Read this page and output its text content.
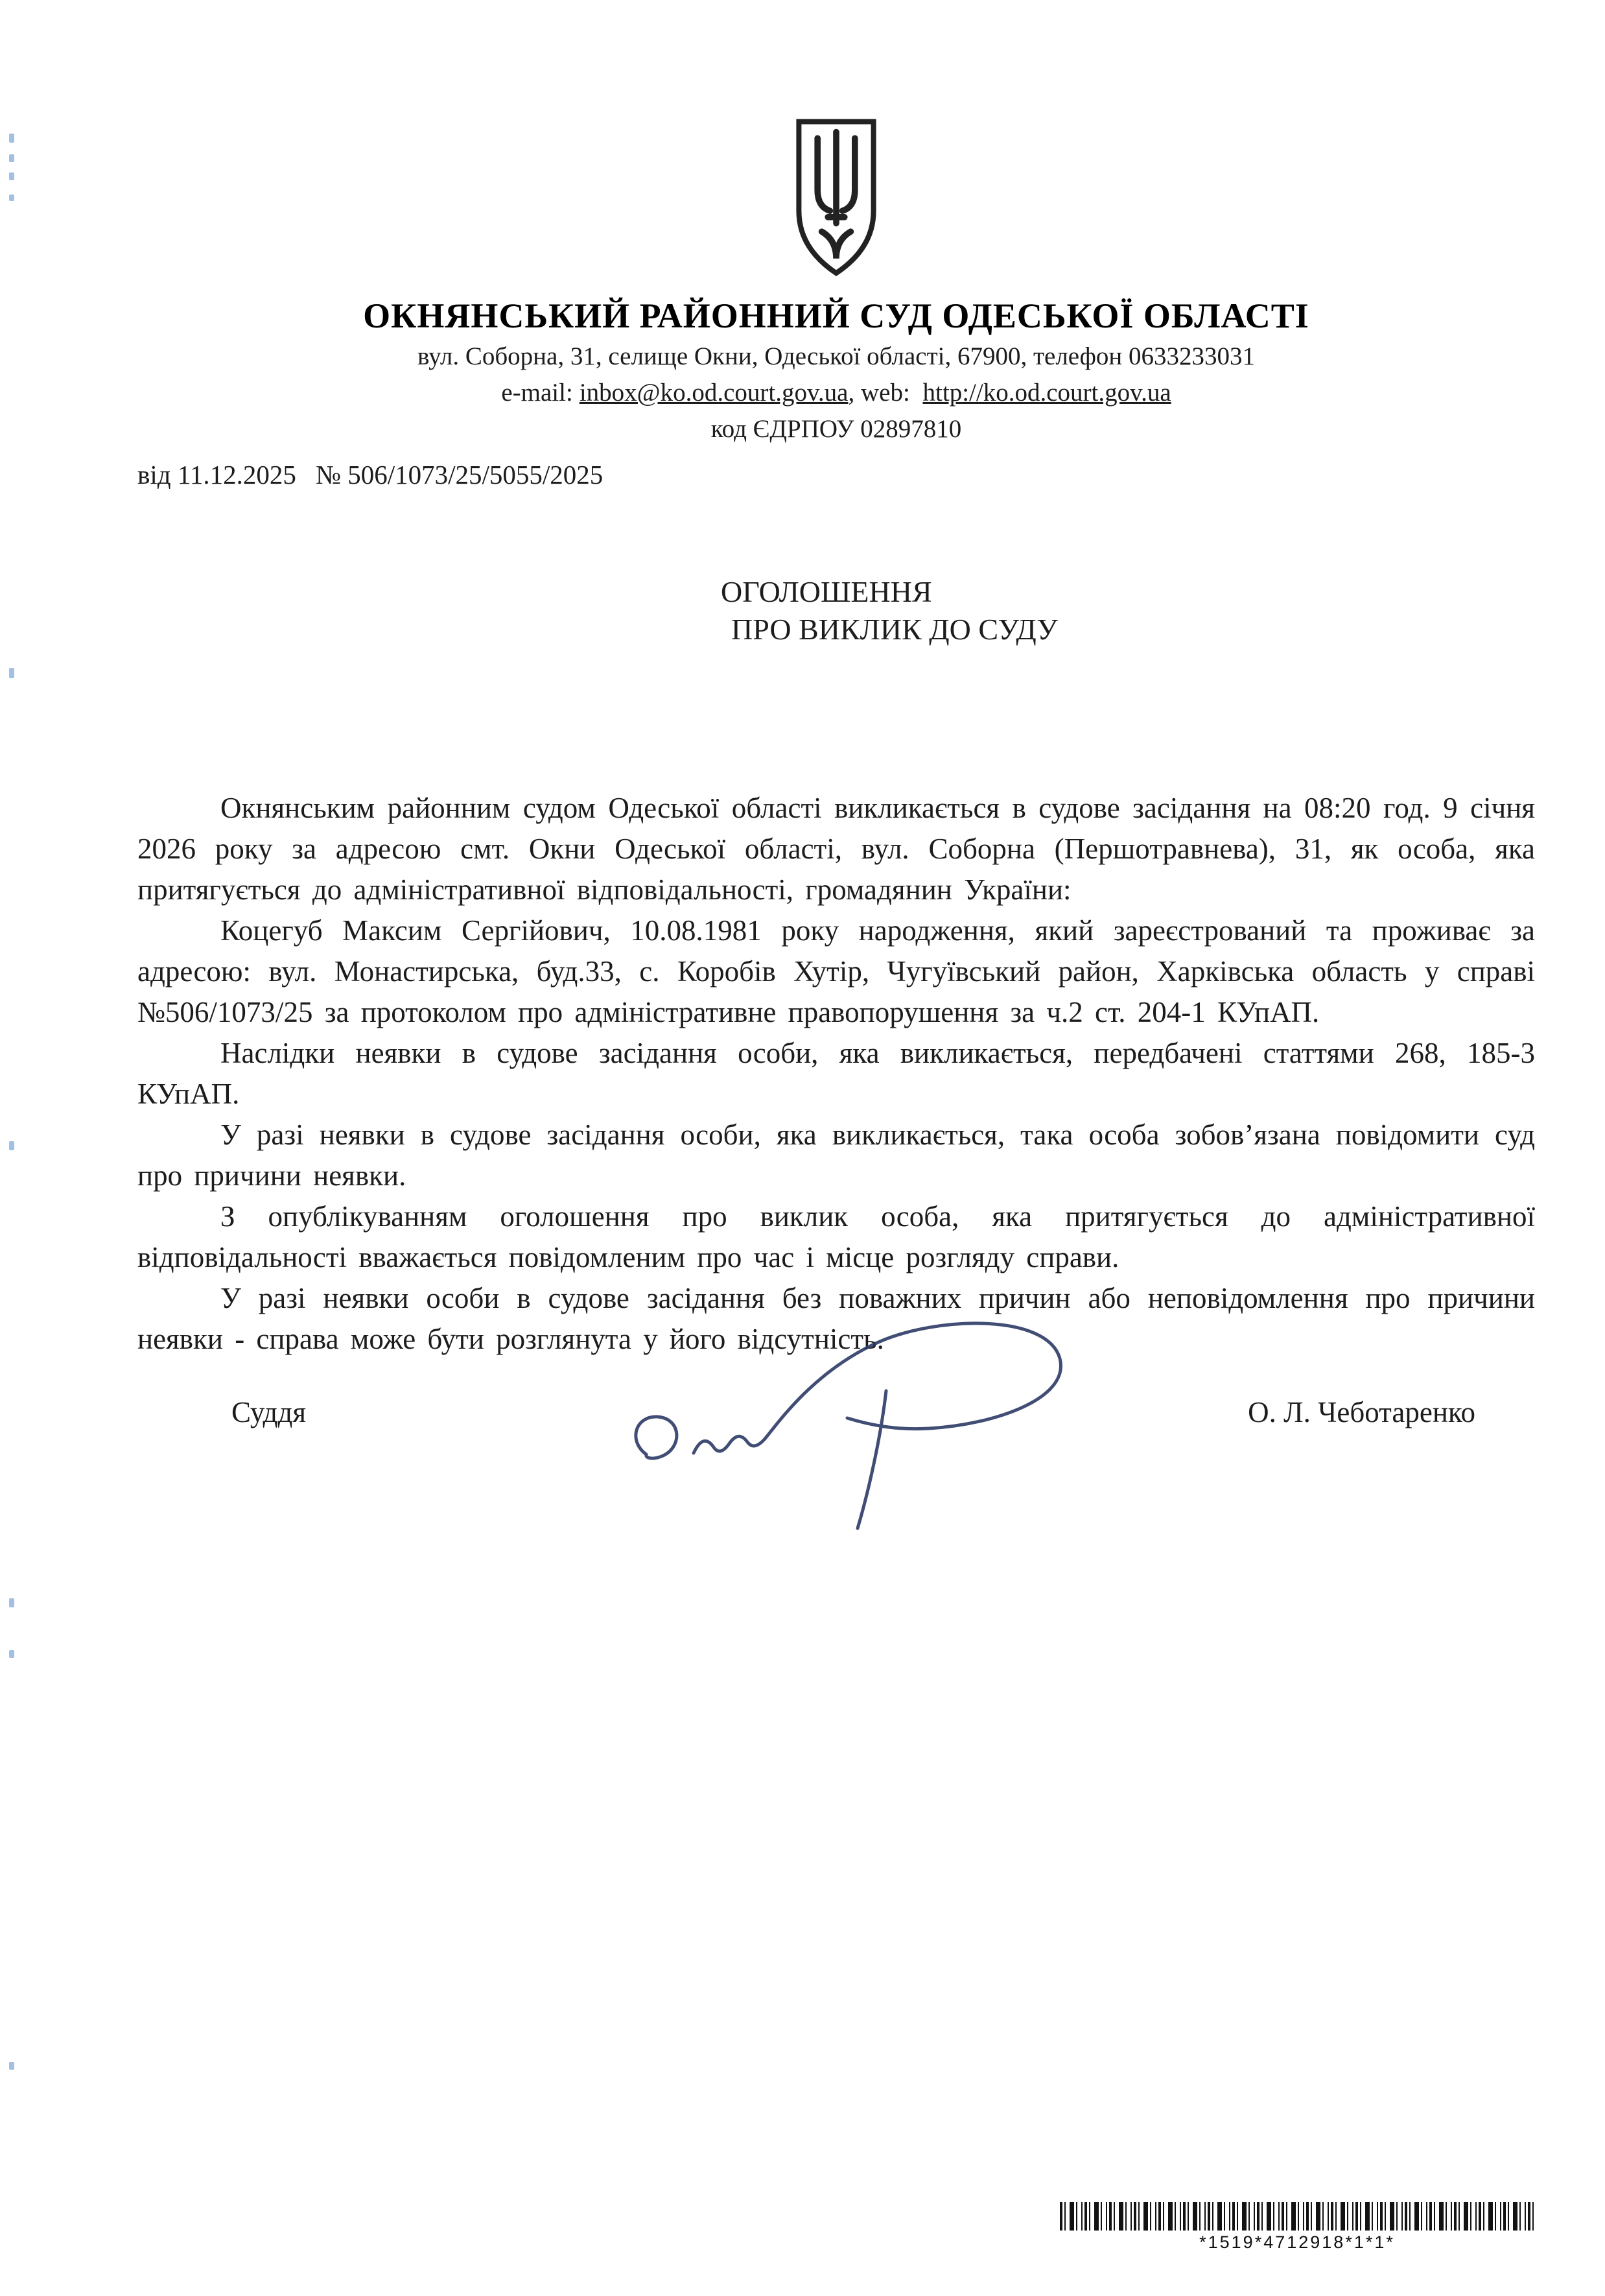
ОКНЯНСЬКИЙ РАЙОННИЙ СУД ОДЕСЬКОЇ ОБЛАСТІ
вул. Соборна, 31, селище Окни, Одеської області, 67900, телефон 0633233031
e-mail: inbox@ko.od.court.gov.ua, web: http://ko.od.court.gov.ua
код ЄДРПОУ 02897810
від 11.12.2025 № 506/1073/25/5055/2025
ОГОЛОШЕННЯ
ПРО ВИКЛИК ДО СУДУ

Окнянським районним судом Одеської області викликається в судове засідання на 08:20 год. 9 січня 2026 року за адресою смт. Окни Одеської області, вул. Соборна (Першотравнева), 31, як особа, яка притягується до адміністративної відповідальності, громадянин України:

Коцегуб Максим Сергійович, 10.08.1981 року народження, який зареєстрований та проживає за адресою: вул. Монастирська, буд.33, с. Коробів Хутір, Чугуївський район, Харківська область у справі №506/1073/25 за протоколом про адміністративне правопорушення за ч.2 ст. 204-1 КУпАП.

Наслідки неявки в судове засідання особи, яка викликається, передбачені статтями 268, 185-3 КУпАП.

У разі неявки в судове засідання особи, яка викликається, така особа зобов’язана повідомити суд про причини неявки.

З опублікуванням оголошення про виклик особа, яка притягується до адміністративної відповідальності вважається повідомленим про час і місце розгляду справи.

У разі неявки особи в судове засідання без поважних причин або неповідомлення про причини неявки - справа може бути розглянута у його відсутність.

Суддя	О. Л. Чеботаренко
*1519*4712918*1*1*
